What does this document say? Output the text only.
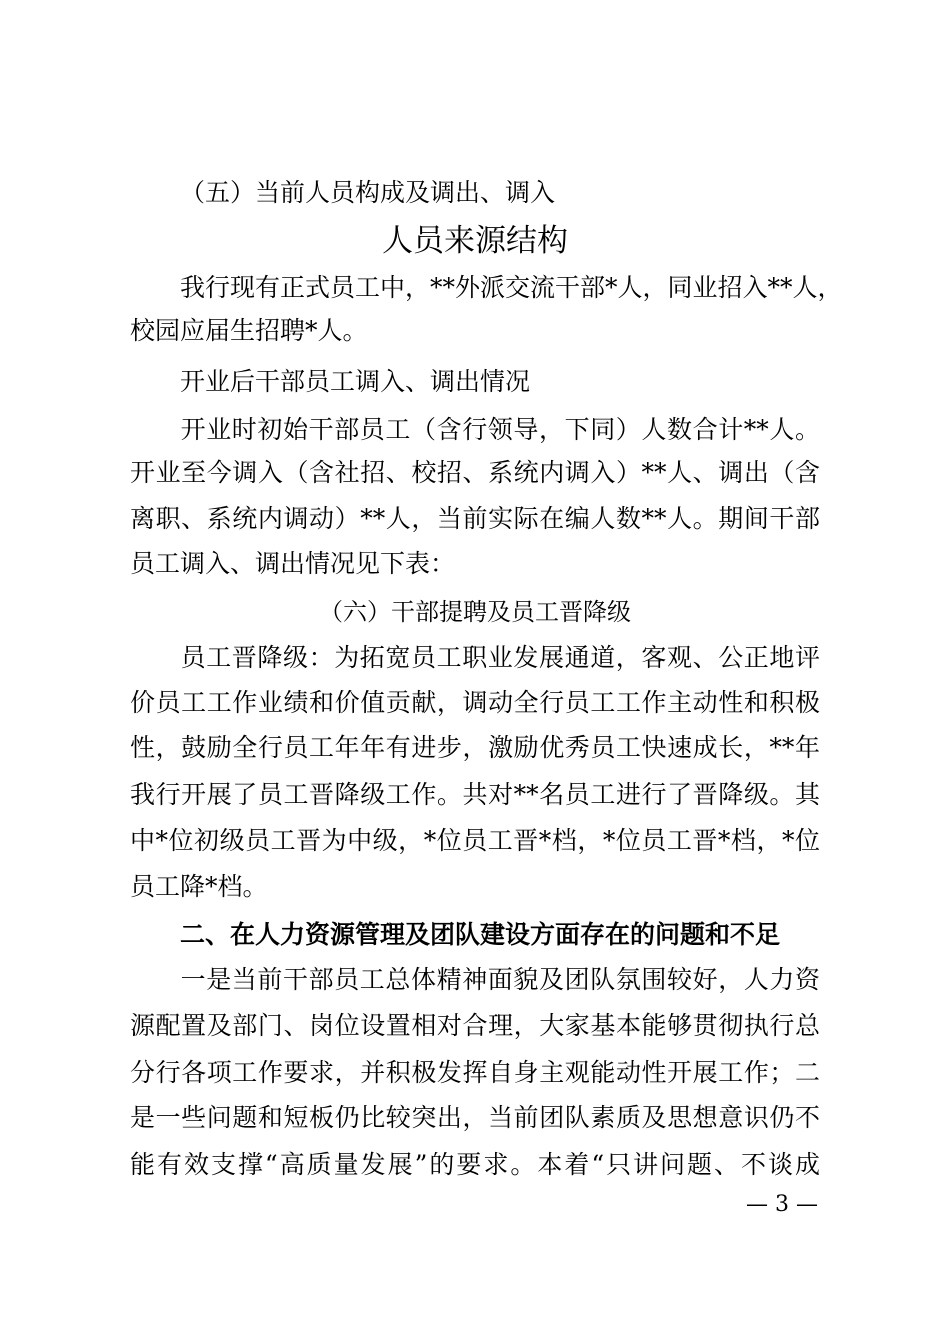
（五）当前人员构成及调出、调入
人员来源结构
我行现有正式员工中，**外派交流干部*人，同业招入**人，
校园应届生招聘*人。
开业后干部员工调入、调出情况
开业时初始干部员工（含行领导，下同）人数合计**人。
开业至今调入（含社招、校招、系统内调入）**人、调出（含
离职、系统内调动）**人，当前实际在编人数**人。期间干部
员工调入、调出情况见下表：
（六）干部提聘及员工晋降级
员工晋降级：为拓宽员工职业发展通道，客观、公正地评
价员工工作业绩和价值贡献，调动全行员工工作主动性和积极
性，鼓励全行员工年年有进步，激励优秀员工快速成长，**年
我行开展了员工晋降级工作。共对**名员工进行了晋降级。其
中*位初级员工晋为中级，*位员工晋*档，*位员工晋*档，*位
员工降*档。
二、在人力资源管理及团队建设方面存在的问题和不足
一是当前干部员工总体精神面貌及团队氛围较好，人力资
源配置及部门、岗位设置相对合理，大家基本能够贯彻执行总
分行各项工作要求，并积极发挥自身主观能动性开展工作；二
是一些问题和短板仍比较突出，当前团队素质及思想意识仍不
能有效支撑“高质量发展”的要求。本着“只讲问题、不谈成
— 3 —
